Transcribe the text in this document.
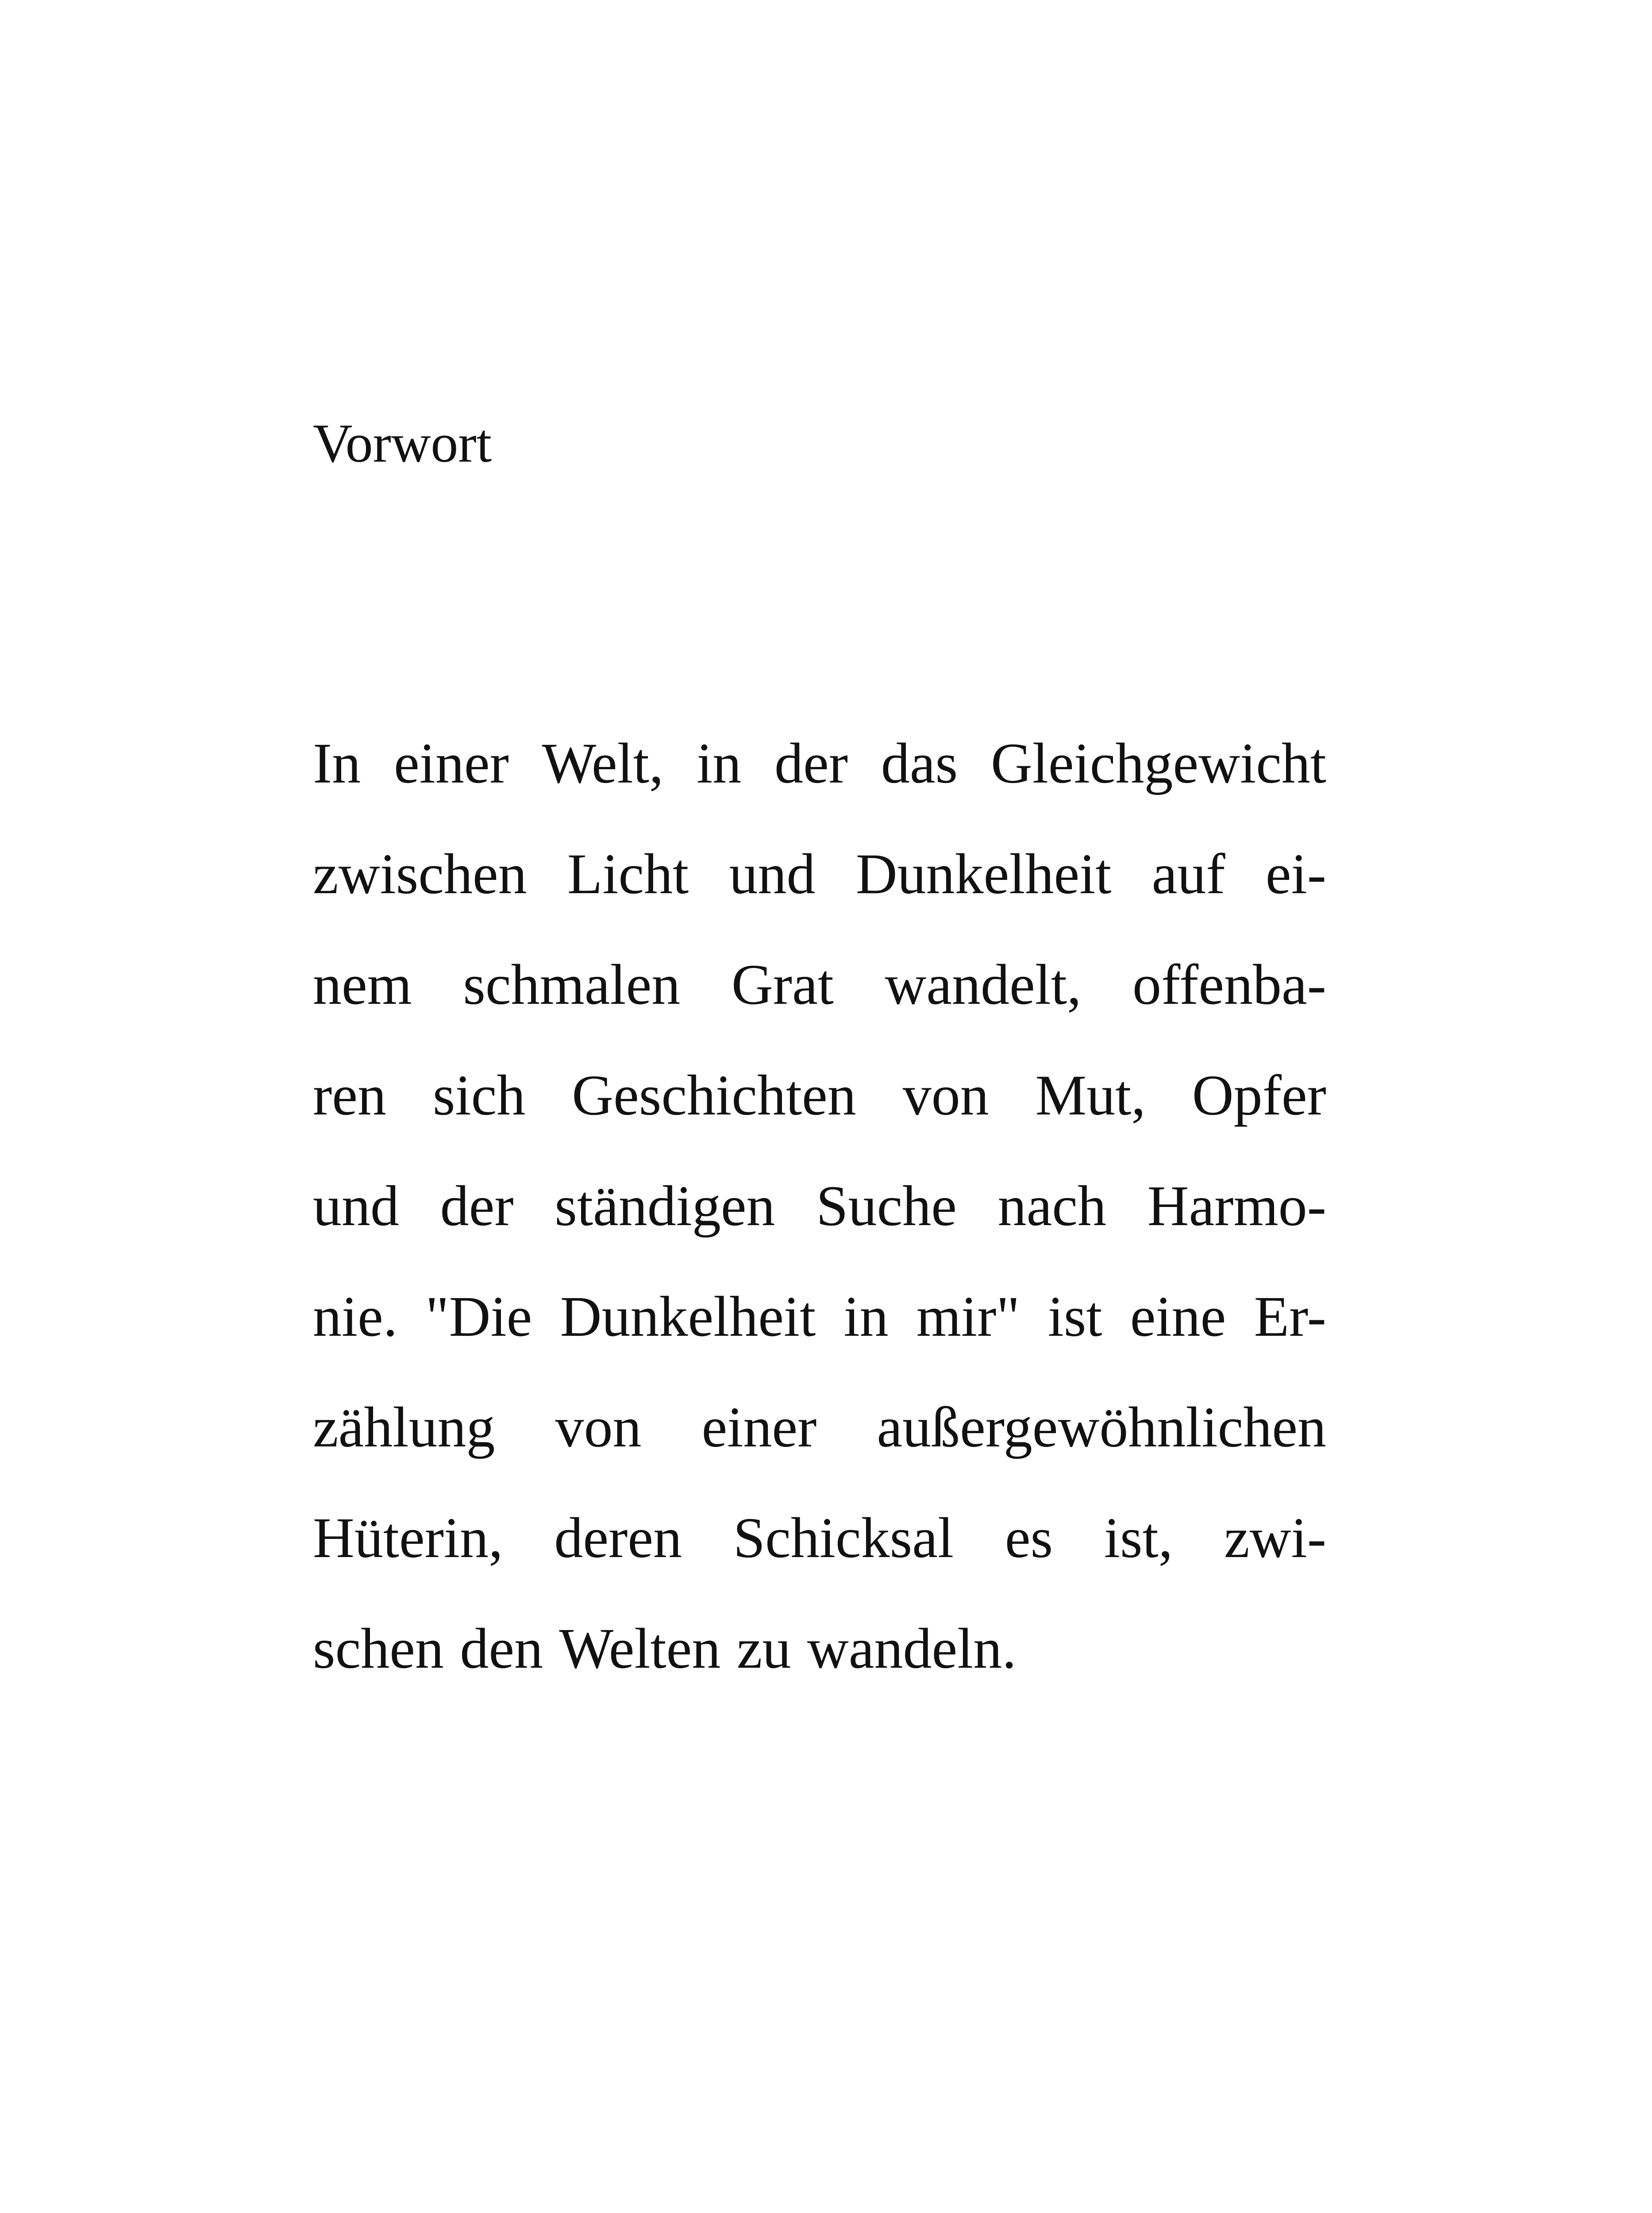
Vorwort
In einer Welt, in der das Gleichgewicht
zwischen Licht und Dunkelheit auf ei-
nem schmalen Grat wandelt, offenba-
ren sich Geschichten von Mut, Opfer
und der ständigen Suche nach Harmo-
nie. "Die Dunkelheit in mir" ist eine Er-
zählung von einer außergewöhnlichen
Hüterin, deren Schicksal es ist, zwi-
schen den Welten zu wandeln.
